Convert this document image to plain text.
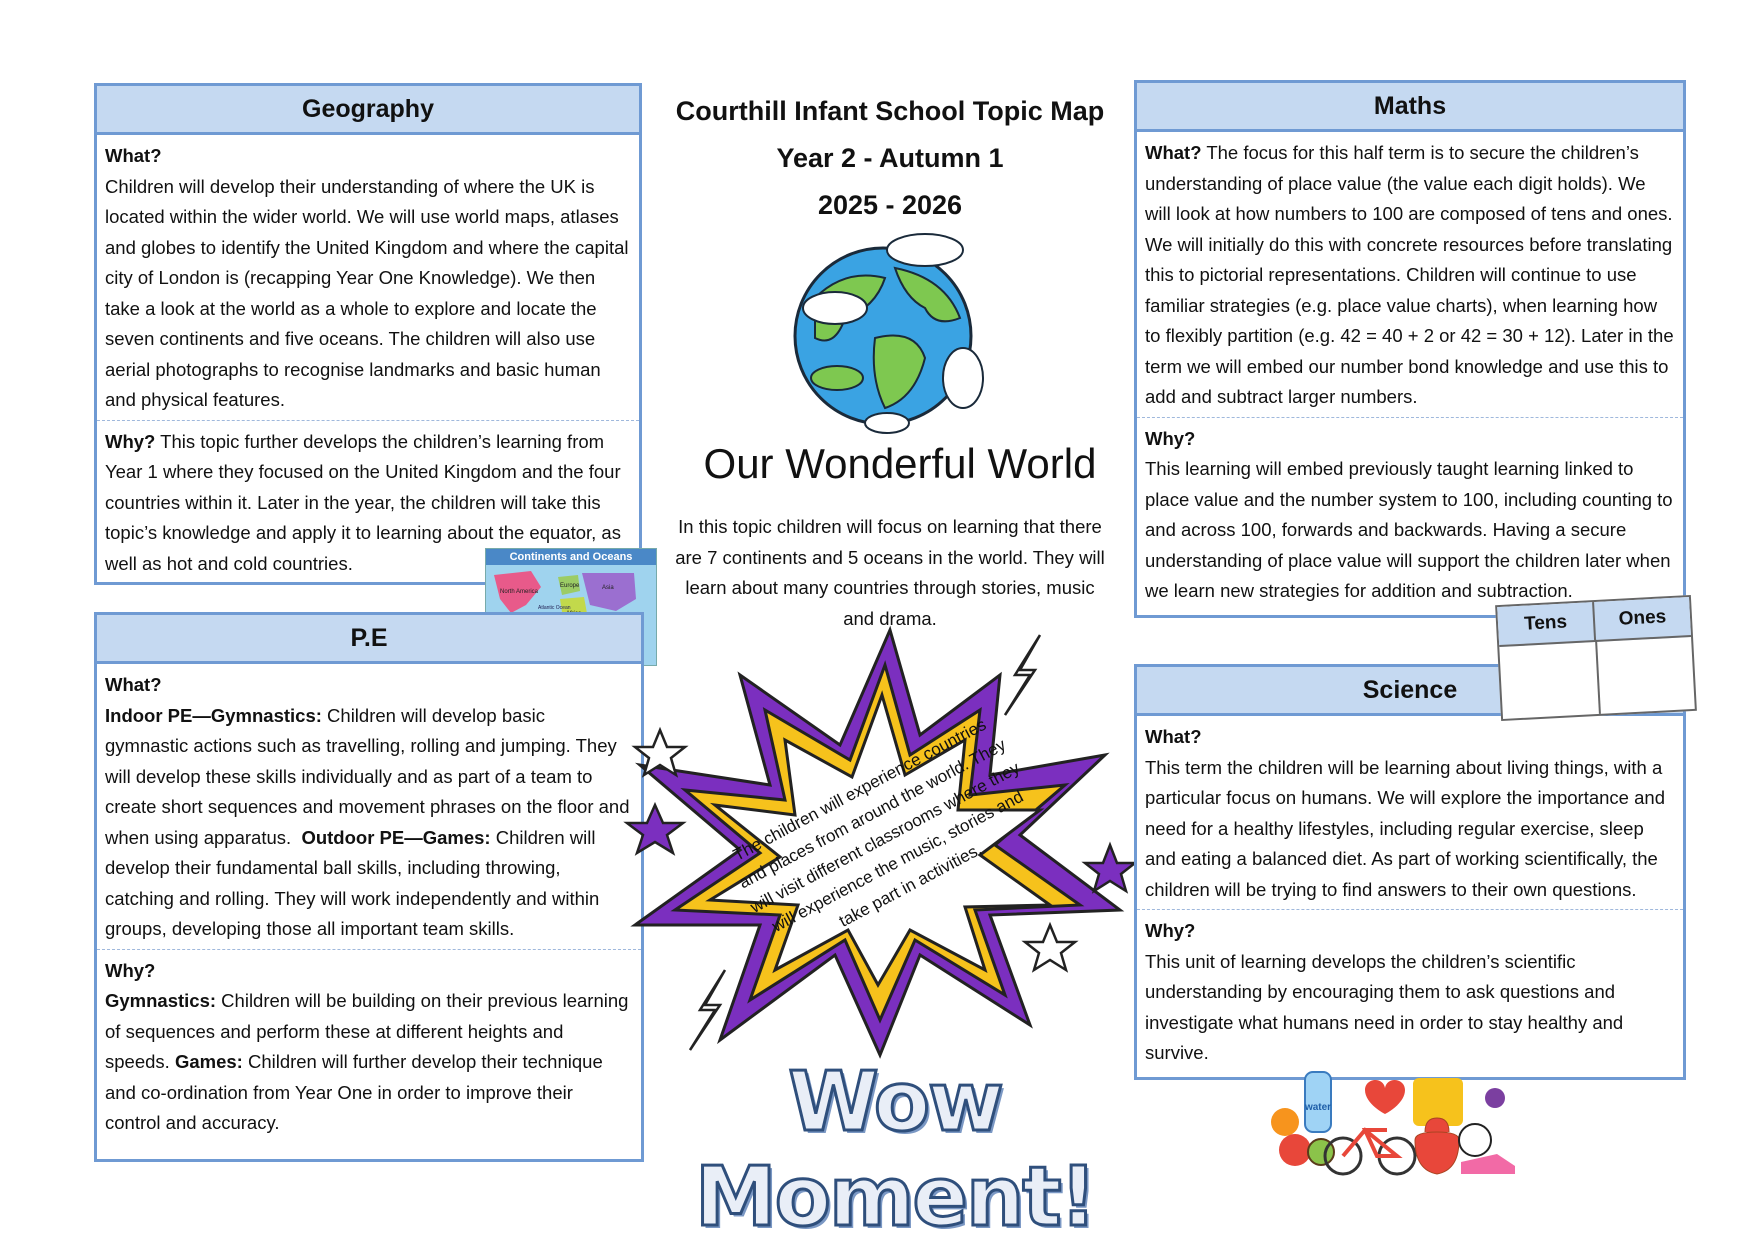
Geography
What?
Children will develop their understanding of where the UK is located within the wider world. We will use world maps, atlases and globes to identify the United Kingdom and where the capital city of London is (recapping Year One Knowledge). We then take a look at the world as a whole to explore and locate the seven continents and five oceans. The children will also use aerial photographs to recognise landmarks and basic human and physical features.
Why? This topic further develops the children’s learning from Year 1 where they focused on the United Kingdom and the four countries within it. Later in the year, the children will take this topic’s knowledge and apply it to learning about the equator, as well as hot and cold countries.	Continents and Oceans
North America
Europe	Asia
Atlantic Ocean
P.E
What?
Indoor PE—Gymnastics: Children will develop basic gymnastic actions such as travelling, rolling and jumping. They will develop these skills individually and as part of a team to create short sequences and movement phrases on the floor and when using apparatus. Outdoor PE—Games: Children will develop their fundamental ball skills, including throwing, catching and rolling. They will work independently and within groups, developing those all important team skills.
Why?
Gymnastics: Children will be building on their previous learning of sequences and perform these at different heights and speeds. Games: Children will further develop their technique and co-ordination from Year One in order to improve their control and accuracy.
Courthill Infant School Topic Map
Year 2 - Autumn 1
2025 - 2026
Our Wonderful World
In this topic children will focus on learning that there are 7 continents and 5 oceans in the world. They will learn about many countries through stories, music and drama.
The children will experience countries and places from around the world. They will visit different classrooms where they will experience the music, stories and take part in activities.
Wow Moment!
Maths
What? The focus for this half term is to secure the children’s understanding of place value (the value each digit holds). We will look at how numbers to 100 are composed of tens and ones. We will initially do this with concrete resources before translating this to pictorial representations. Children will continue to use familiar strategies (e.g. place value charts), when learning how to flexibly partition (e.g. 42 = 40 + 2 or 42 = 30 + 12). Later in the term we will embed our number bond knowledge and use this to add and subtract larger numbers.
Why?
This learning will embed previously taught learning linked to place value and the number system to 100, including counting to and across 100, forwards and backwards. Having a secure understanding of place value will support the children later when we learn new strategies for addition and subtraction.
Science
What?
This term the children will be learning about living things, with a particular focus on humans. We will explore the importance and need for a healthy lifestyles, including regular exercise, sleep and eating a balanced diet. As part of working scientifically, the children will be trying to find answers to their own questions.
Why?
This unit of learning develops the children’s scientific understanding by encouraging them to ask questions and investigate what humans need in order to stay healthy and survive.
Tens	Ones
water
